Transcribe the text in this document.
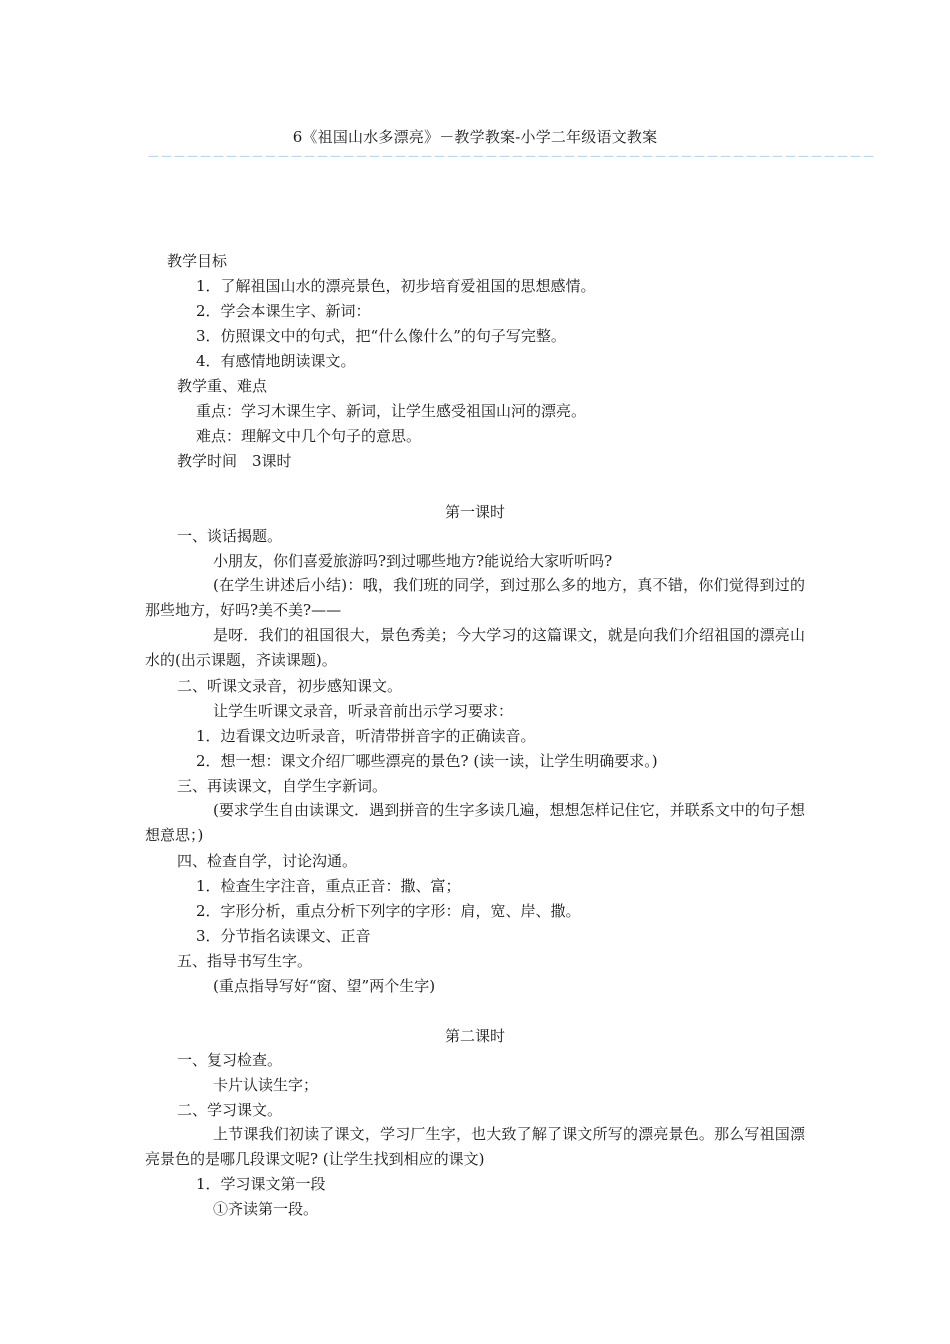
6《祖国山水多漂亮》－教学教案-小学二年级语文教案
－－－－－－－－－－－－－－－－－－－－－－－－－－－－－－－－－－－－－－－－－－－－－－－－－－－－－－－－
教学目标
1．了解祖国山水的漂亮景色，初步培育爱祖国的思想感情。
2．学会本课生字、新词：
3．仿照课文中的句式，把“什么像什么”的句子写完整。
4．有感情地朗读课文。
教学重、难点
重点：学习木课生字、新词，让学生感受祖国山河的漂亮。
难点：理解文中几个句子的意思。
教学时间　3课时
第一课时
一、谈话揭题。
小朋友，你们喜爱旅游吗?到过哪些地方?能说给大家听听吗?
(在学生讲述后小结)：哦，我们班的同学，到过那么多的地方，真不错，你们觉得到过的那些地方，好吗?美不美?——
是呀．我们的祖国很大，景色秀美；今大学习的这篇课文，就是向我们介绍祖国的漂亮山水的(出示课题，齐读课题)。
二、听课文录音，初步感知课文。
让学生听课文录音，听录音前出示学习要求：
1．边看课文边听录音，听清带拼音字的正确读音。
2．想一想：课文介绍厂哪些漂亮的景色? (读一读，让学生明确要求。)
三、再读课文，自学生字新词。
(要求学生自由读课文．遇到拼音的生字多读几遍，想想怎样记住它，并联系文中的句子想想意思；)
四、检查自学，讨论沟通。
1．检查生字注音，重点正音：撒、富；
2．字形分析，重点分析下列字的字形：肩，宽、岸、撒。
3．分节指名读课文、正音
五、指导书写生字。
(重点指导写好“窗、望”两个生字)
第二课时
一、复习检查。
卡片认读生字；
二、学习课文。
上节课我们初读了课文，学习厂生字，也大致了解了课文所写的漂亮景色。那么写祖国漂亮景色的是哪几段课文呢? (让学生找到相应的课文)
1．学习课文第一段
①齐读第一段。
